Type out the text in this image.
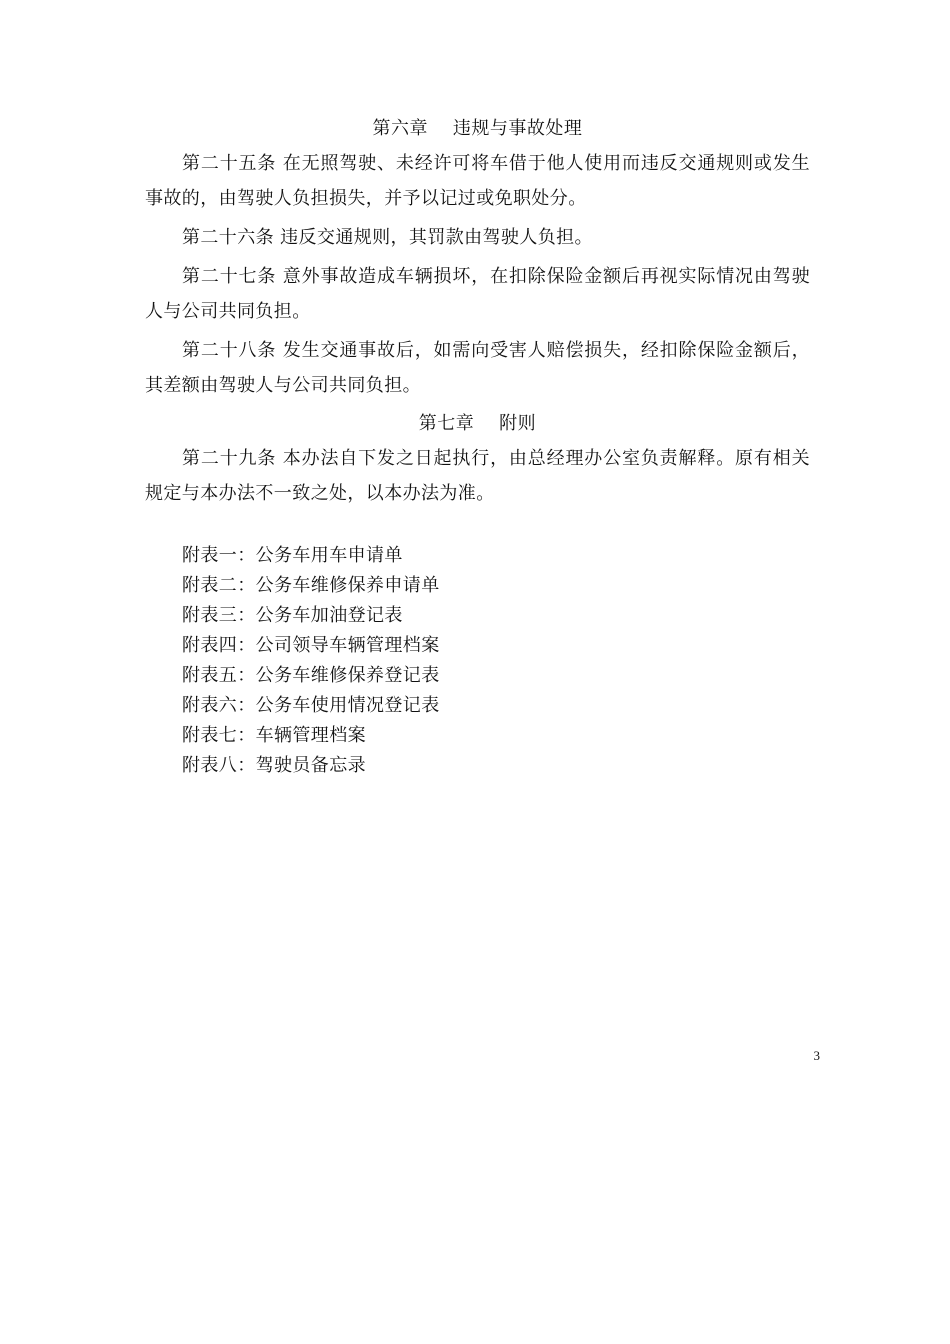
第六章    违规与事故处理

第二十五条 在无照驾驶、未经许可将车借于他人使用而违反交通规则或发生事故的，由驾驶人负担损失，并予以记过或免职处分。

第二十六条 违反交通规则，其罚款由驾驶人负担。

第二十七条 意外事故造成车辆损坏，在扣除保险金额后再视实际情况由驾驶人与公司共同负担。

第二十八条 发生交通事故后，如需向受害人赔偿损失，经扣除保险金额后，其差额由驾驶人与公司共同负担。

第七章    附则

第二十九条 本办法自下发之日起执行，由总经理办公室负责解释。原有相关规定与本办法不一致之处，以本办法为准。

附表一：公务车用车申请单
附表二：公务车维修保养申请单
附表三：公务车加油登记表
附表四：公司领导车辆管理档案
附表五：公务车维修保养登记表
附表六：公务车使用情况登记表
附表七：车辆管理档案
附表八：驾驶员备忘录
3
